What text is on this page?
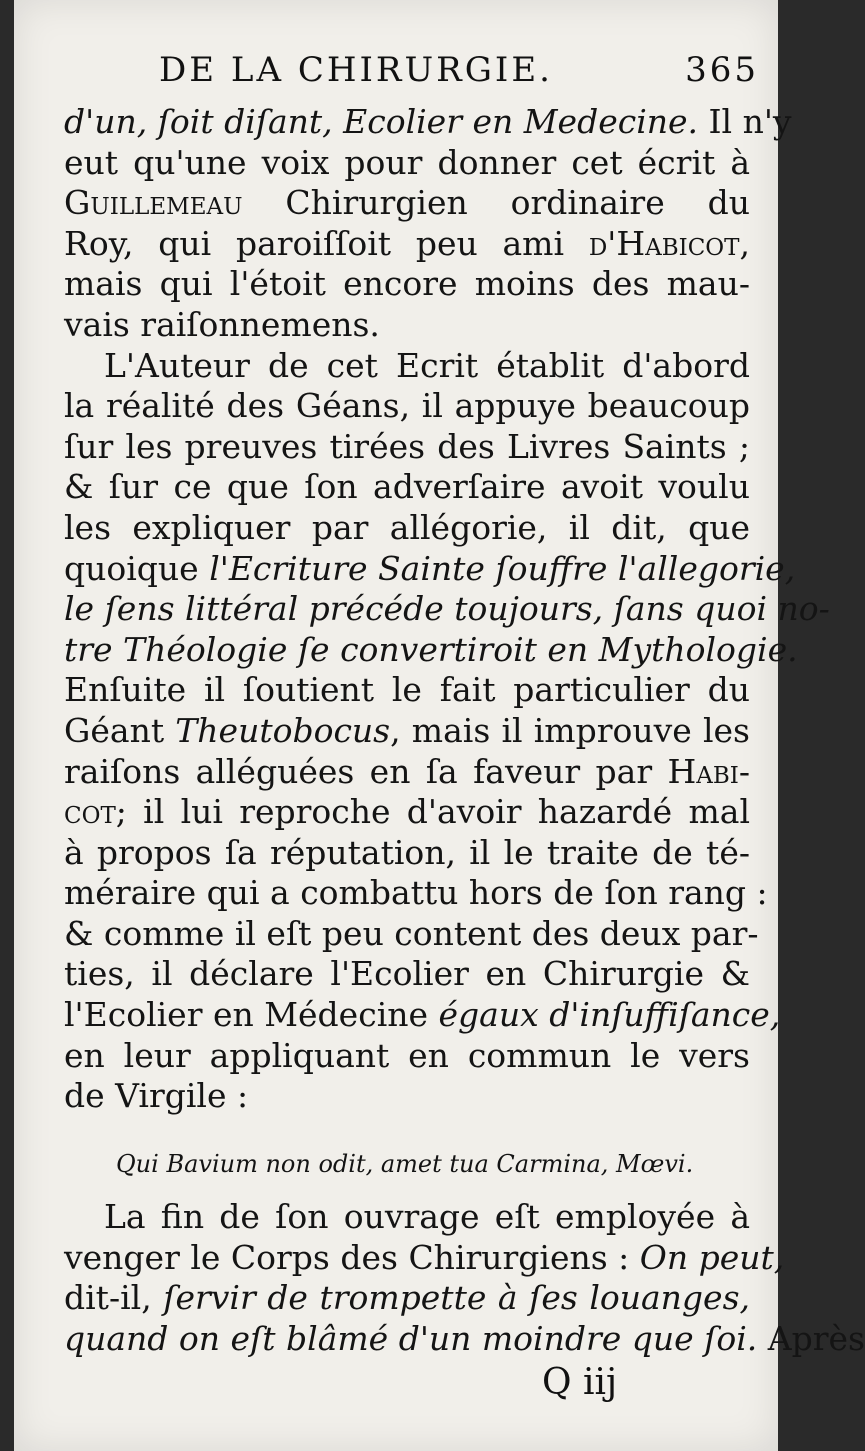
DE LA CHIRURGIE.	365
d'un, ſoit diſant, Ecolier en Medecine. Il n'y
eut qu'une voix pour donner cet écrit à
Guillemeau Chirurgien ordinaire du
Roy, qui paroiſſoit peu ami d'Habicot,
mais qui l'étoit encore moins des mau-
vais raiſonnemens.
L'Auteur de cet Ecrit établit d'abord
la réalité des Géans, il appuye beaucoup
ſur les preuves tirées des Livres Saints ;
& ſur ce que ſon adverſaire avoit voulu
les expliquer par allégorie, il dit, que
quoique l'Ecriture Sainte ſouffre l'allegorie,
le ſens littéral précéde toujours, ſans quoi no-
tre Théologie ſe convertiroit en Mythologie.
Enſuite il ſoutient le fait particulier du
Géant Theutobocus, mais il improuve les
raiſons alléguées en ſa faveur par Habi-
cot; il lui reproche d'avoir hazardé mal
à propos ſa réputation, il le traite de té-
méraire qui a combattu hors de ſon rang :
& comme il eſt peu content des deux par-
ties, il déclare l'Ecolier en Chirurgie &
l'Ecolier en Médecine égaux d'inſuffiſance,
en leur appliquant en commun le vers
de Virgile :
Qui Bavium non odit, amet tua Carmina, Mœvi.
La fin de ſon ouvrage eſt employée à
venger le Corps des Chirurgiens : On peut,
dit-il, ſervir de trompette à ſes louanges,
quand on eſt blâmé d'un moindre que ſoi. Après
Q iij
